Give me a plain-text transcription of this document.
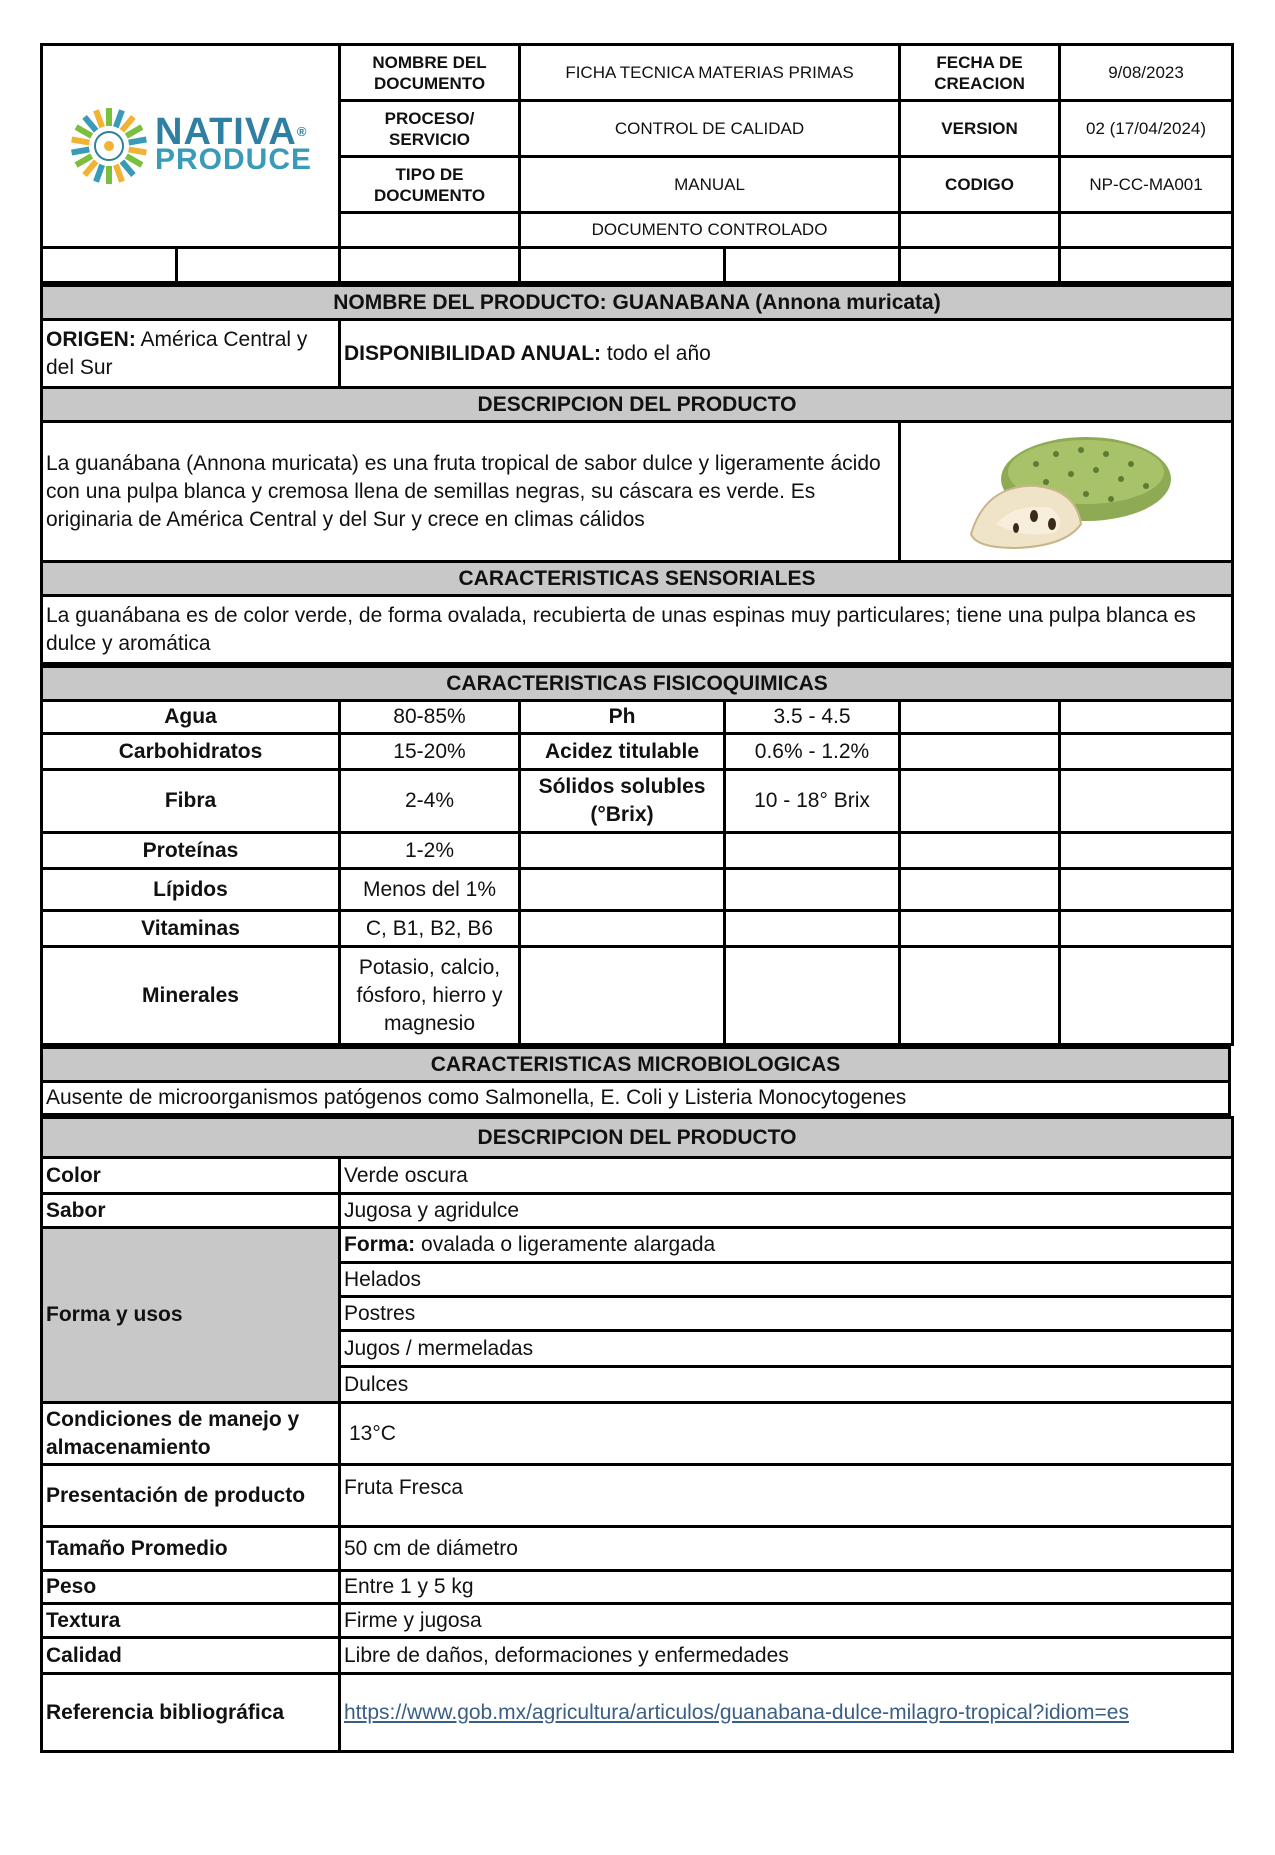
NATIVA®
PRODUCE		NOMBRE DEL DOCUMENTO	FICHA TECNICA MATERIAS PRIMAS		FECHA DE CREACION	9/08/2023
		PROCESO/ SERVICIO	CONTROL DE CALIDAD		VERSION	02 (17/04/2024)
		TIPO DE DOCUMENTO	MANUAL		CODIGO	NP-CC-MA001
			DOCUMENTO CONTROLADO			

NOMBRE DEL PRODUCTO: GUANABANA (Annona muricata)		
ORIGEN: América Central y del Sur	DISPONIBILIDAD ANUAL: todo el año	
DESCRIPCION DEL PRODUCTO		
La guanábana (Annona muricata) es una fruta tropical de sabor dulce y ligeramente ácido con una pulpa blanca y cremosa llena de semillas negras, su cáscara es verde. Es originaria de América Central y del Sur y crece en climas cálidos	
CARACTERISTICAS SENSORIALES		
La guanábana es de color verde, de forma ovalada, recubierta de unas espinas muy particulares; tiene una pulpa blanca es dulce y aromática		
CARACTERISTICAS FISICOQUIMICAS					
Agua	80-85%	Ph	3.5 - 4.5		
Carbohidratos	15-20%	Acidez titulable	0.6% - 1.2%		
Fibra	2-4%	Sólidos solubles (°Brix)	10 - 18° Brix		
Proteínas	1-2%				
Lípidos	Menos del 1%				
Vitaminas	C, B1, B2, B6				
Minerales	Potasio, calcio, fósforo, hierro y magnesio				
CARACTERISTICAS MICROBIOLOGICAS
Ausente de microorganismos patógenos como Salmonella, E. Coli y Listeria Monocytogenes
DESCRIPCION DEL PRODUCTO	
Color	Verde oscura
Sabor	Jugosa y agridulce
Forma y usos	Forma: ovalada o ligeramente alargada
	Helados
	Postres
	Jugos / mermeladas
	Dulces
Condiciones de manejo y almacenamiento	13°C
Presentación de producto	Fruta Fresca
Tamaño Promedio	50 cm de diámetro
Peso	Entre 1 y 5 kg
Textura	Firme y jugosa
Calidad	Libre de daños, deformaciones y enfermedades
Referencia bibliográfica	https://www.gob.mx/agricultura/articulos/guanabana-dulce-milagro-tropical?idiom=es
